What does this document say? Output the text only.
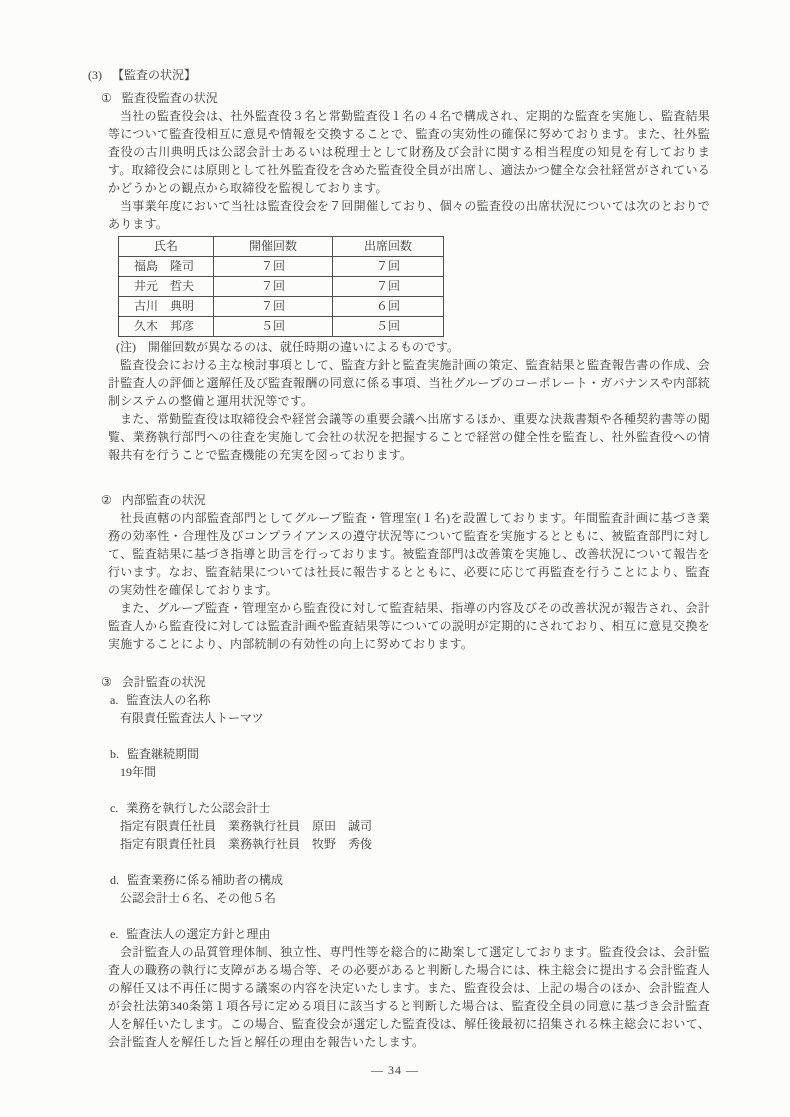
(3) 【監査の状況】
① 監査役監査の状況

当社の監査役会は、社外監査役３名と常勤監査役１名の４名で構成され、定期的な監査を実施し、監査結果等について監査役相互に意見や情報を交換することで、監査の実効性の確保に努めております。また、社外監査役の古川典明氏は公認会計士あるいは税理士として財務及び会計に関する相当程度の知見を有しております。取締役会には原則として社外監査役を含めた監査役全員が出席し、適法かつ健全な会社経営がされているかどうかとの観点から取締役を監視しております。

当事業年度において当社は監査役会を７回開催しており、個々の監査役の出席状況については次のとおりであります。

氏名	開催回数	出席回数
福島　隆司	７回	７回
井元　哲夫	７回	７回
古川　典明	７回	６回
久木　邦彦	５回	５回
(注)　開催回数が異なるのは、就任時期の違いによるものです。

監査役会における主な検討事項として、監査方針と監査実施計画の策定、監査結果と監査報告書の作成、会計監査人の評価と選解任及び監査報酬の同意に係る事項、当社グループのコーポレート・ガバナンスや内部統制システムの整備と運用状況等です。

また、常勤監査役は取締役会や経営会議等の重要会議へ出席するほか、重要な決裁書類や各種契約書等の閲覧、業務執行部門への往査を実施して会社の状況を把握することで経営の健全性を監査し、社外監査役への情報共有を行うことで監査機能の充実を図っております。

② 内部監査の状況

社長直轄の内部監査部門としてグループ監査・管理室(１名)を設置しております。年間監査計画に基づき業務の効率性・合理性及びコンプライアンスの遵守状況等について監査を実施するとともに、被監査部門に対して、監査結果に基づき指導と助言を行っております。被監査部門は改善策を実施し、改善状況について報告を行います。なお、監査結果については社長に報告するとともに、必要に応じて再監査を行うことにより、監査の実効性を確保しております。

また、グループ監査・管理室から監査役に対して監査結果、指導の内容及びその改善状況が報告され、会計監査人から監査役に対しては監査計画や監査結果等についての説明が定期的にされており、相互に意見交換を実施することにより、内部統制の有効性の向上に努めております。

③ 会計監査の状況
a. 監査法人の名称
有限責任監査法人トーマツ
b. 監査継続期間
19年間
c. 業務を執行した公認会計士
指定有限責任社員　業務執行社員　原田　誠司
指定有限責任社員　業務執行社員　牧野　秀俊
d. 監査業務に係る補助者の構成
公認会計士６名、その他５名
e. 監査法人の選定方針と理由

会計監査人の品質管理体制、独立性、専門性等を総合的に勘案して選定しております。監査役会は、会計監査人の職務の執行に支障がある場合等、その必要があると判断した場合には、株主総会に提出する会計監査人の解任又は不再任に関する議案の内容を決定いたします。また、監査役会は、上記の場合のほか、会計監査人が会社法第340条第１項各号に定める項目に該当すると判断した場合は、監査役全員の同意に基づき会計監査人を解任いたします。この場合、監査役会が選定した監査役は、解任後最初に招集される株主総会において、会計監査人を解任した旨と解任の理由を報告いたします。

— 34 —
